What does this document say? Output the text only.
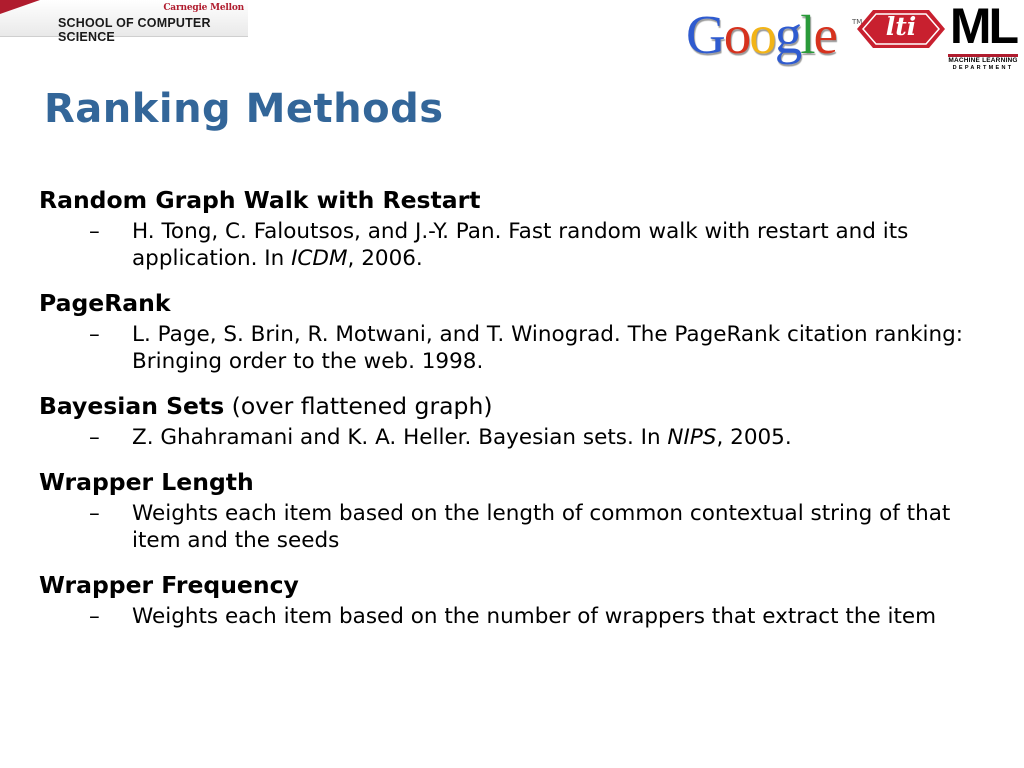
Carnegie Mellon
SCHOOL OF COMPUTER SCIENCE	Google	TM lti ML
MACHINE LEARNING
DEPARTMENT
Ranking Methods
Random Graph Walk with Restart
– H. Tong, C. Faloutsos, and J.-Y. Pan. Fast random walk with restart and its application. In ICDM, 2006.
PageRank
– L. Page, S. Brin, R. Motwani, and T. Winograd. The PageRank citation ranking: Bringing order to the web. 1998.
Bayesian Sets (over flattened graph)
– Z. Ghahramani and K. A. Heller. Bayesian sets. In NIPS, 2005.
Wrapper Length
– Weights each item based on the length of common contextual string of that item and the seeds
Wrapper Frequency
– Weights each item based on the number of wrappers that extract the item
